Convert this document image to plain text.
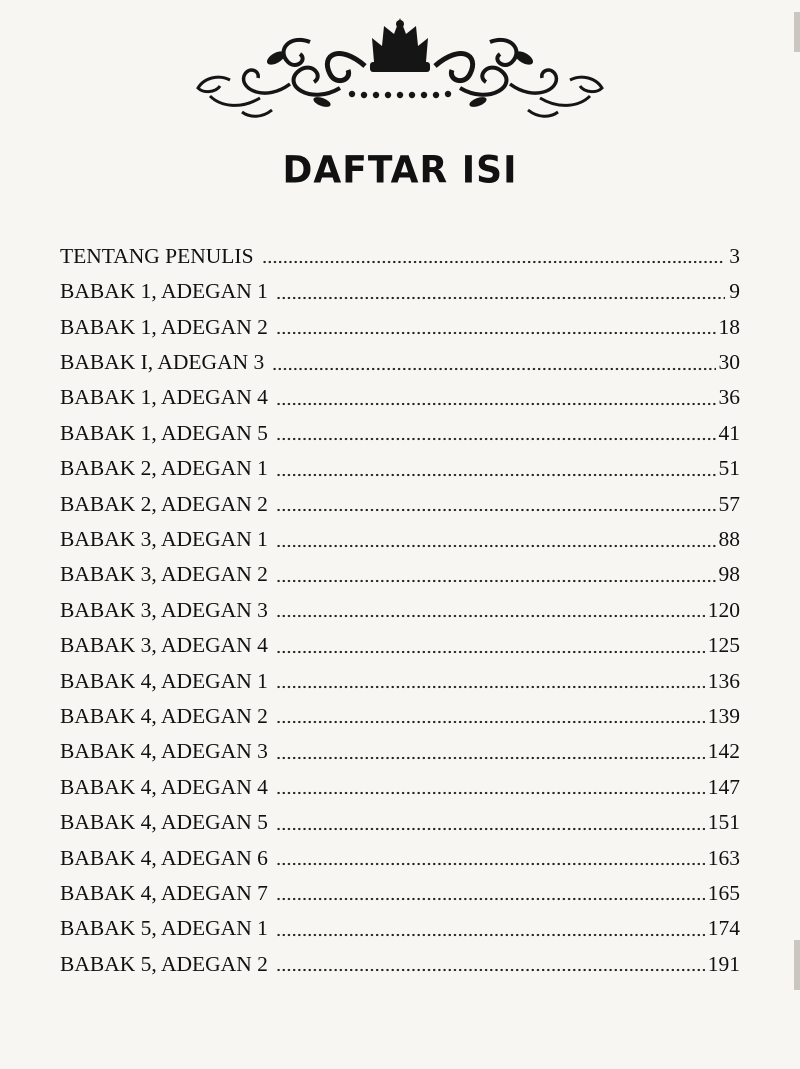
DAFTAR ISI
TENTANG PENULIS	3
BABAK 1, ADEGAN 1	9
BABAK 1, ADEGAN 2	18
BABAK I, ADEGAN 3	30
BABAK 1, ADEGAN 4	36
BABAK 1, ADEGAN 5	41
BABAK 2, ADEGAN 1	51
BABAK 2, ADEGAN 2	57
BABAK 3, ADEGAN 1	88
BABAK 3, ADEGAN 2	98
BABAK 3, ADEGAN 3	120
BABAK 3, ADEGAN 4	125
BABAK 4, ADEGAN 1	136
BABAK 4, ADEGAN 2	139
BABAK 4, ADEGAN 3	142
BABAK 4, ADEGAN 4	147
BABAK 4, ADEGAN 5	151
BABAK 4, ADEGAN 6	163
BABAK 4, ADEGAN 7	165
BABAK 5, ADEGAN 1	174
BABAK 5, ADEGAN 2	191
